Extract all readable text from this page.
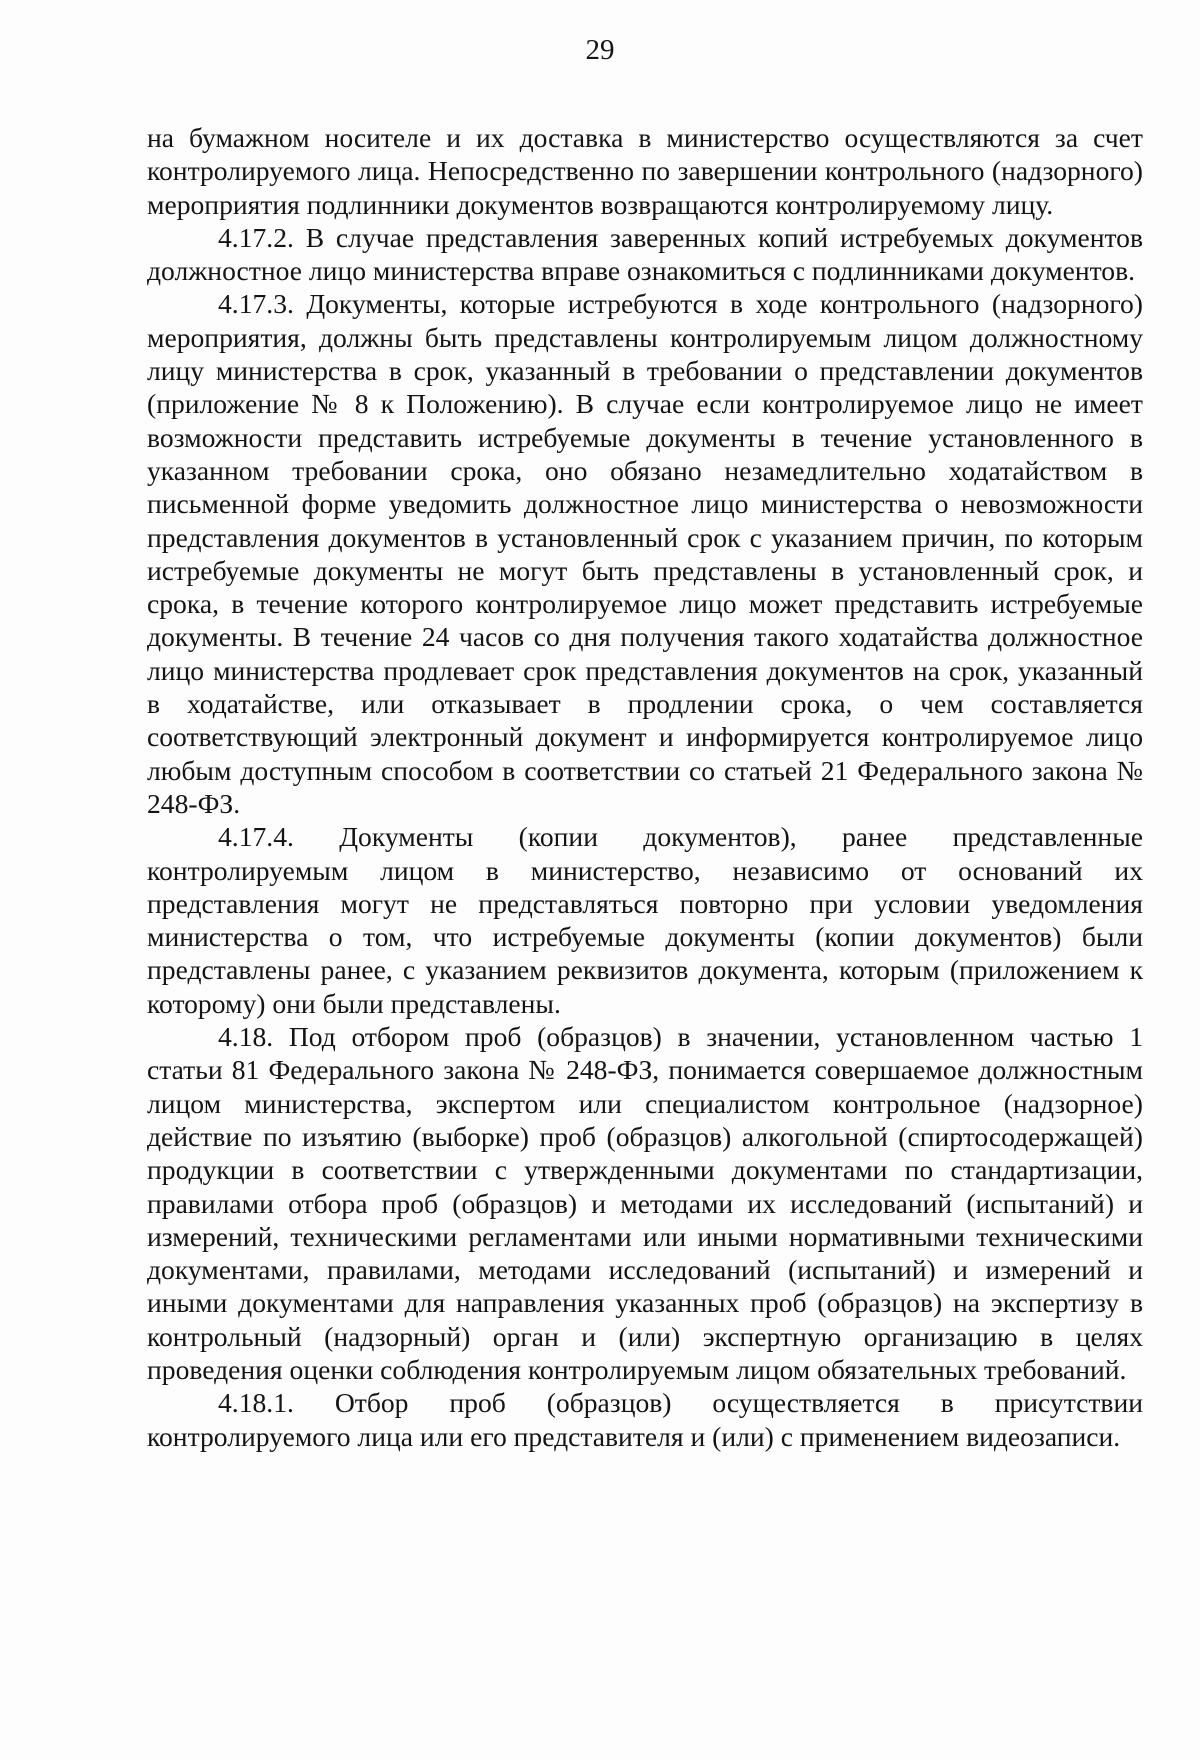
29

на бумажном носителе и их доставка в министерство осуществляются за счет контролируемого лица. Непосредственно по завершении контрольного (надзорного) мероприятия подлинники документов возвращаются контролируемому лицу.

4.17.2. В случае представления заверенных копий истребуемых документов должностное лицо министерства вправе ознакомиться с подлинниками документов.

4.17.3. Документы, которые истребуются в ходе контрольного (надзорного) мероприятия, должны быть представлены контролируемым лицом должностному лицу министерства в срок, указанный в требовании о представлении документов (приложение № 8 к Положению). В случае если контролируемое лицо не имеет возможности представить истребуемые документы в течение установленного в указанном требовании срока, оно обязано незамедлительно ходатайством в письменной форме уведомить должностное лицо министерства о невозможности представления документов в установленный срок с указанием причин, по которым истребуемые документы не могут быть представлены в установленный срок, и срока, в течение которого контролируемое лицо может представить истребуемые документы. В течение 24 часов со дня получения такого ходатайства должностное лицо министерства продлевает срок представления документов на срок, указанный в ходатайстве, или отказывает в продлении срока, о чем составляется соответствующий электронный документ и информируется контролируемое лицо любым доступным способом в соответствии со статьей 21 Федерального закона № 248-ФЗ.

4.17.4. Документы (копии документов), ранее представленные контролируемым лицом в министерство, независимо от оснований их представления могут не представляться повторно при условии уведомления министерства о том, что истребуемые документы (копии документов) были представлены ранее, с указанием реквизитов документа, которым (приложением к которому) они были представлены.

4.18. Под отбором проб (образцов) в значении, установленном частью 1 статьи 81 Федерального закона № 248-ФЗ, понимается совершаемое должностным лицом министерства, экспертом или специалистом контрольное (надзорное) действие по изъятию (выборке) проб (образцов) алкогольной (спиртосодержащей) продукции в соответствии с утвержденными документами по стандартизации, правилами отбора проб (образцов) и методами их исследований (испытаний) и измерений, техническими регламентами или иными нормативными техническими документами, правилами, методами исследований (испытаний) и измерений и иными документами для направления указанных проб (образцов) на экспертизу в контрольный (надзорный) орган и (или) экспертную организацию в целях проведения оценки соблюдения контролируемым лицом обязательных требований.

4.18.1. Отбор проб (образцов) осуществляется в присутствии контролируемого лица или его представителя и (или) с применением видеозаписи.
